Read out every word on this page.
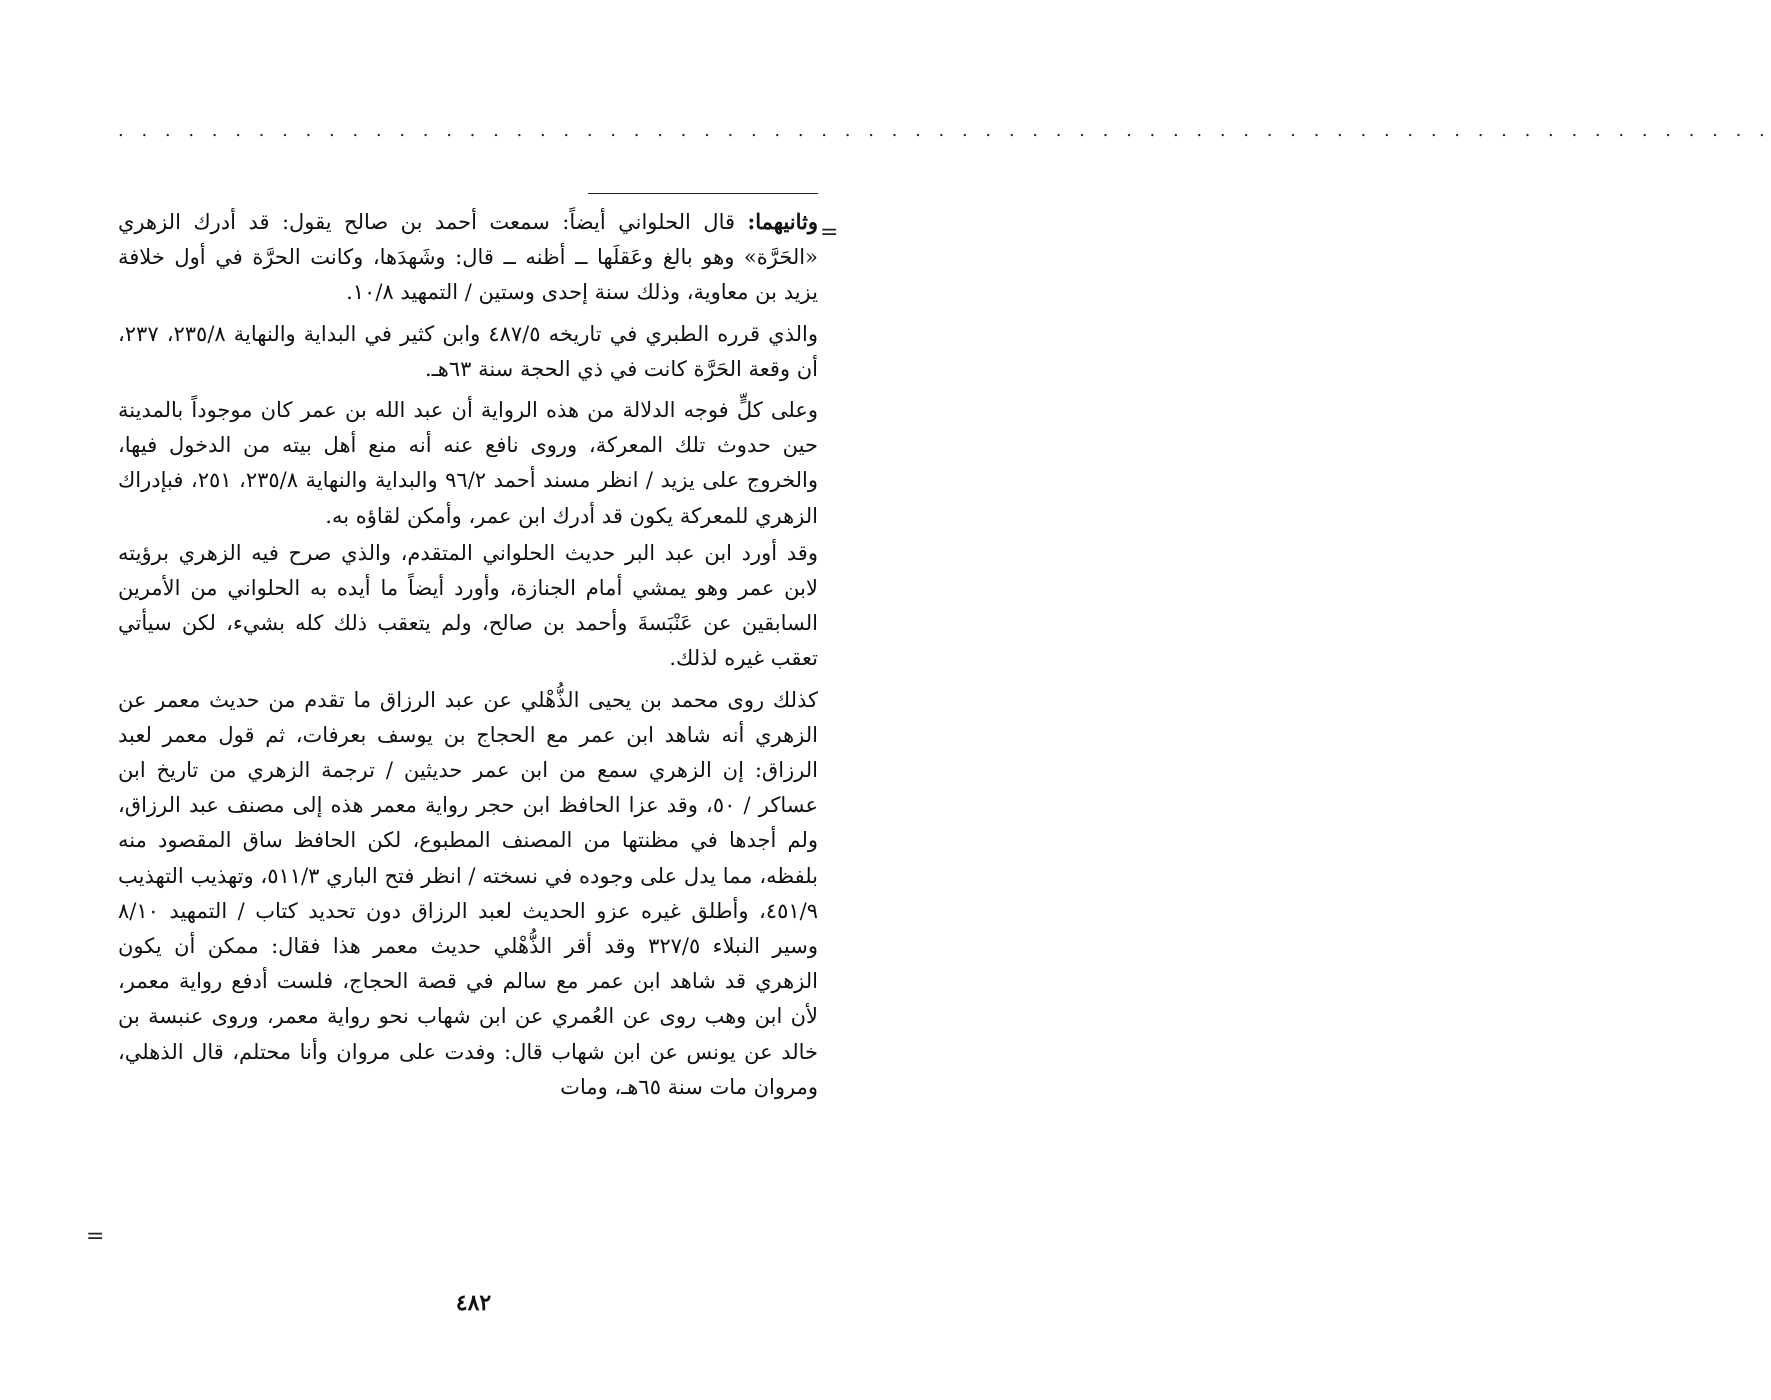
. . . . . . . . . . . . . . . . . . . . . . . . . . . . . . . . . . . . . . . . . . . . . . . . . . . . . . . . . . . . . . . . . . . . . . .
=

وثانيهما: قال الحلواني أيضاً: سمعت أحمد بن صالح يقول: قد أدرك الزهري «الحَرَّة» وهو بالغ وعَقلَها ــ أظنه ــ قال: وشَهدَها، وكانت الحرَّة في أول خلافة يزيد بن معاوية، وذلك سنة إحدى وستين / التمهيد ١٠/٨.

والذي قرره الطبري في تاريخه ٤٨٧/٥ وابن كثير في البداية والنهاية ٢٣٥/٨، ٢٣٧، أن وقعة الحَرَّة كانت في ذي الحجة سنة ٦٣هـ.

وعلى كلٍّ فوجه الدلالة من هذه الرواية أن عبد الله بن عمر كان موجوداً بالمدينة حين حدوث تلك المعركة، وروى نافع عنه أنه منع أهل بيته من الدخول فيها، والخروج على يزيد / انظر مسند أحمد ٩٦/٢ والبداية والنهاية ٢٣٥/٨، ٢٥١، فبإدراك الزهري للمعركة يكون قد أدرك ابن عمر، وأمكن لقاؤه به.

وقد أورد ابن عبد البر حديث الحلواني المتقدم، والذي صرح فيه الزهري برؤيته لابن عمر وهو يمشي أمام الجنازة، وأورد أيضاً ما أيده به الحلواني من الأمرين السابقين عن عَنْبَسةَ وأحمد بن صالح، ولم يتعقب ذلك كله بشيء، لكن سيأتي تعقب غيره لذلك.

كذلك روى محمد بن يحيى الذُّهْلي عن عبد الرزاق ما تقدم من حديث معمر عن الزهري أنه شاهد ابن عمر مع الحجاج بن يوسف بعرفات، ثم قول معمر لعبد الرزاق: إن الزهري سمع من ابن عمر حديثين / ترجمة الزهري من تاريخ ابن عساكر / ٥٠، وقد عزا الحافظ ابن حجر رواية معمر هذه إلى مصنف عبد الرزاق، ولم أجدها في مظنتها من المصنف المطبوع، لكن الحافظ ساق المقصود منه بلفظه، مما يدل على وجوده في نسخته / انظر فتح الباري ٥١١/٣، وتهذيب التهذيب ٤٥١/٩، وأطلق غيره عزو الحديث لعبد الرزاق دون تحديد كتاب / التمهيد ٨/١٠ وسير النبلاء ٣٢٧/٥ وقد أقر الذُّهْلي حديث معمر هذا فقال: ممكن أن يكون الزهري قد شاهد ابن عمر مع سالم في قصة الحجاج، فلست أدفع رواية معمر، لأن ابن وهب روى عن العُمري عن ابن شهاب نحو رواية معمر، وروى عنبسة بن خالد عن يونس عن ابن شهاب قال: وفدت على مروان وأنا محتلم، قال الذهلي، ومروان مات سنة ٦٥هـ، ومات

=
٤٨٢
